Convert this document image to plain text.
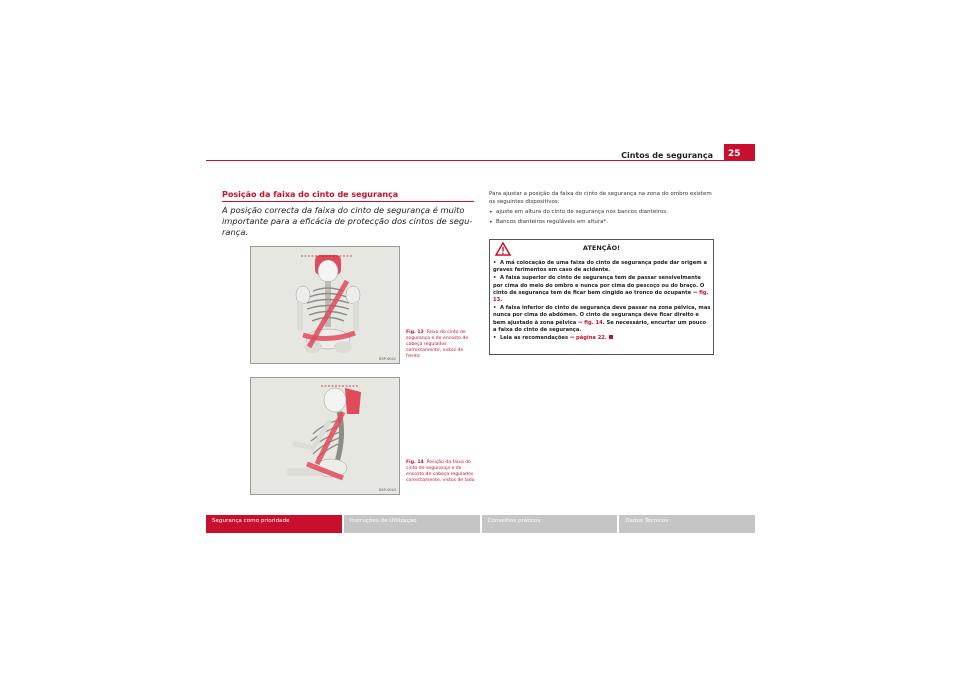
Cintos de segurança	25
Posição da faixa do cinto de segurança
A posição correcta da faixa do cinto de segurança é muito importante para a eficácia de protecção dos cintos de segu-rança.
B5P-0042
Fig. 13 Faixa do cinto de segurança e do encosto de cabeça regulados correctamente, vistos de frente
B5P-0043
Fig. 14 Posição da faixa do cinto de segurança e do encosto de cabeça regulados correctamente, vistos de lado

Para ajustar a posição da faixa do cinto de segurança na zona do ombro existem os seguintes dispositivos:

• ajuste em altura do cinto de segurança nos bancos dianteiros.
• Bancos dianteiros reguláveis em altura*.
ATENÇÃO!
•  A má colocação de uma faixa do cinto de segurança pode dar origem a graves ferimentos em caso de acidente.
•  A faixa superior do cinto de segurança tem de passar sensivelmente por cima do meio do ombro e nunca por cima do pescoço ou do braço. O cinto de segurança tem de ficar bem cingido ao tronco do ocupante ⇒ fig. 13.
•  A faixa inferior do cinto de segurança deve passar na zona pélvica, mas nunca por cima do abdómen. O cinto de segurança deve ficar direito e bem ajustado à zona pélvica ⇒ fig. 14. Se necessário, encurtar um pouco a faixa do cinto de segurança.
•  Leia as recomendações ⇒ página 22.
Segurança como prioridade	Instruções de Utilização	Conselhos práticos	Dados Técnicos
